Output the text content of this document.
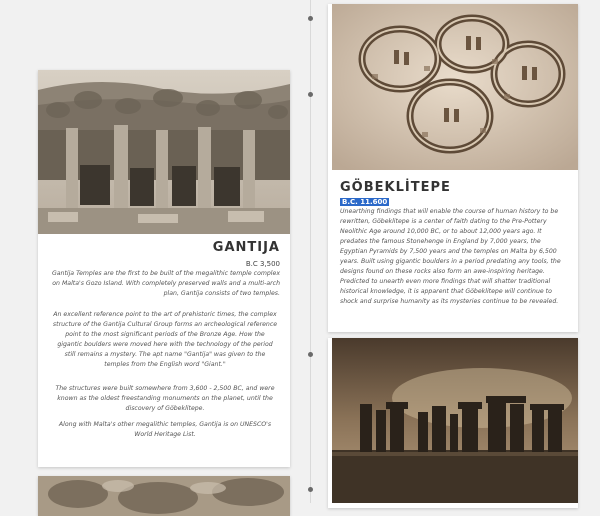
GANTIJA
B.C 3,500
Gantija Temples are the first to be built of the megalithic temple complex on Malta's Gozo Island. With completely preserved walls and a multi-arch plan, Gantija consists of two temples.
An excellent reference point to the art of prehistoric times, the complex structure of the Gantija Cultural Group forms an archeological reference point to the most significant periods of the Bronze Age. How the gigantic boulders were moved here with the technology of the period still remains a mystery. The apt name "Gantija" was given to the temples from the English word "Giant."
The structures were built somewhere from 3,600 - 2,500 BC, and were known as the oldest freestanding monuments on the planet, until the discovery of Göbeklitepe.
Along with Malta's other megalithic temples, Gantija is on UNESCO's World Heritage List.
GÖBEKLİTEPE
B.C. 11.600
Unearthing findings that will enable the course of human history to be rewritten, Göbeklitepe is a center of faith dating to the Pre-Pottery Neolithic Age around 10,000 BC, or to about 12,000 years ago. It predates the famous Stonehenge in England by 7,000 years, the Egyptian Pyramids by 7,500 years and the temples on Malta by 6,500 years. Built using gigantic boulders in a period predating any tools, the designs found on these rocks also form an awe-inspiring heritage. Predicted to unearth even more findings that will shatter traditional historical knowledge, it is apparent that Göbeklitepe will continue to shock and surprise humanity as its mysteries continue to be revealed.
